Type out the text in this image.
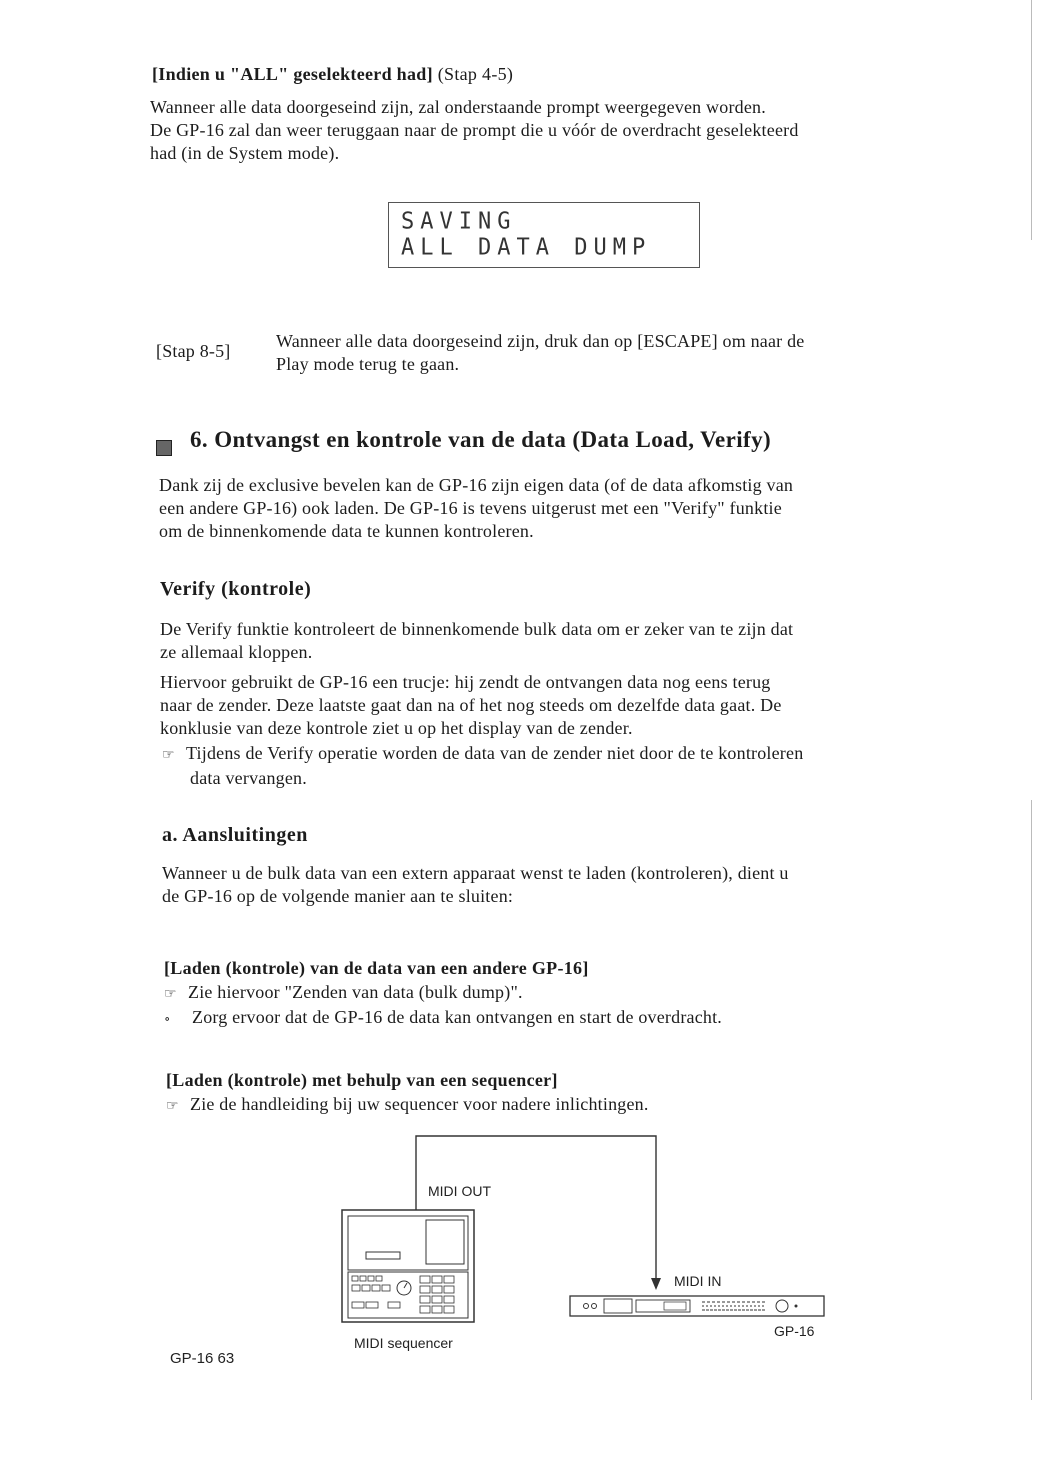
[Indien u "ALL" geselekteerd had] (Stap 4-5)
Wanneer alle data doorgeseind zijn, zal onderstaande prompt weergegeven worden.
De GP-16 zal dan weer teruggaan naar de prompt die u vóór de overdracht geselekteerd
had (in de System mode).
SAVING
ALL DATA DUMP
[Stap 8-5]	Wanneer alle data doorgeseind zijn, druk dan op [ESCAPE] om naar de
Play mode terug te gaan.
6. Ontvangst en kontrole van de data (Data Load, Verify)
Dank zij de exclusive bevelen kan de GP-16 zijn eigen data (of de data afkomstig van
een andere GP-16) ook laden. De GP-16 is tevens uitgerust met een "Verify" funktie
om de binnenkomende data te kunnen kontroleren.
Verify (kontrole)
De Verify funktie kontroleert de binnenkomende bulk data om er zeker van te zijn dat
ze allemaal kloppen.
Hiervoor gebruikt de GP-16 een trucje: hij zendt de ontvangen data nog eens terug
naar de zender. Deze laatste gaat dan na of het nog steeds om dezelfde data gaat. De
konklusie van deze kontrole ziet u op het display van de zender.
☞ Tijdens de Verify operatie worden de data van de zender niet door de te kontroleren
data vervangen.
a. Aansluitingen
Wanneer u de bulk data van een extern apparaat wenst te laden (kontroleren), dient u
de GP-16 op de volgende manier aan te sluiten:
[Laden (kontrole) van de data van een andere GP-16]
☞ Zie hiervoor "Zenden van data (bulk dump)".
∘ Zorg ervoor dat de GP-16 de data kan ontvangen en start de overdracht.
[Laden (kontrole) met behulp van een sequencer]
☞ Zie de handleiding bij uw sequencer voor nadere inlichtingen.
MIDI OUT
MIDI IN
MIDI sequencer
GP-16
GP-16 63
